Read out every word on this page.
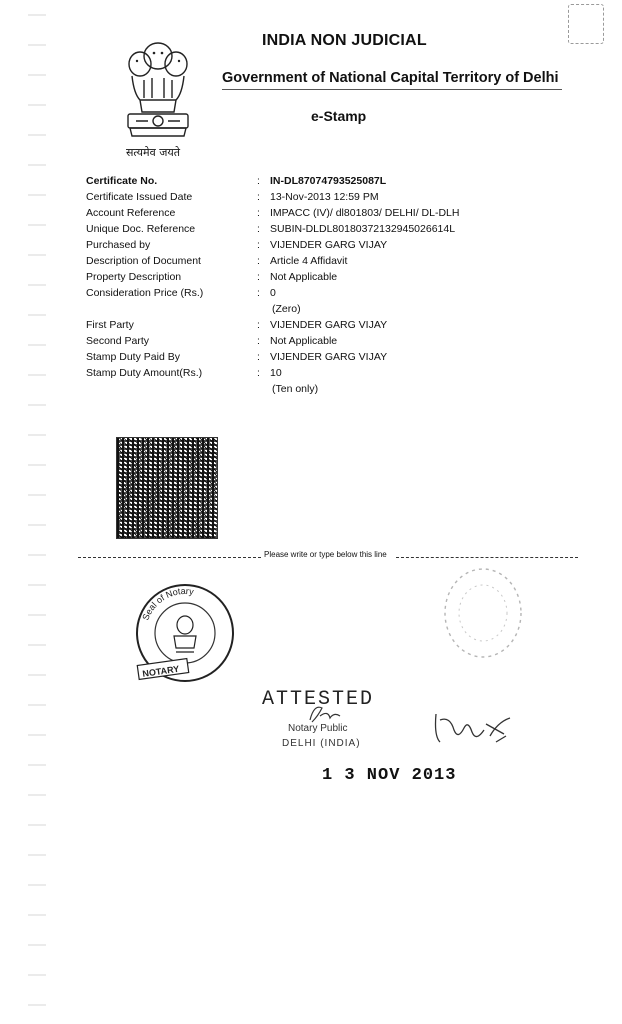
सत्यमेव जयते
INDIA NON JUDICIAL
Government of National Capital Territory of Delhi
e-Stamp
Certificate No.	: IN-DL87074793525087L
Certificate Issued Date	: 13-Nov-2013 12:59 PM
Account Reference	: IMPACC (IV)/ dl801803/ DELHI/ DL-DLH
Unique Doc. Reference	: SUBIN-DLDL80180372132945026614L
Purchased by	: VIJENDER GARG VIJAY
Description of Document	: Article 4 Affidavit
Property Description	: Not Applicable
Consideration Price (Rs.)	: 0
(Zero)
First Party	: VIJENDER GARG VIJAY
Second Party	: Not Applicable
Stamp Duty Paid By	: VIJENDER GARG VIJAY
Stamp Duty Amount(Rs.)	: 10
(Ten only)
Please write or type below this line
Seal of Notary
NOTARY
ATTESTED
Notary Public
DELHI (INDIA)
1 3 NOV 2013
